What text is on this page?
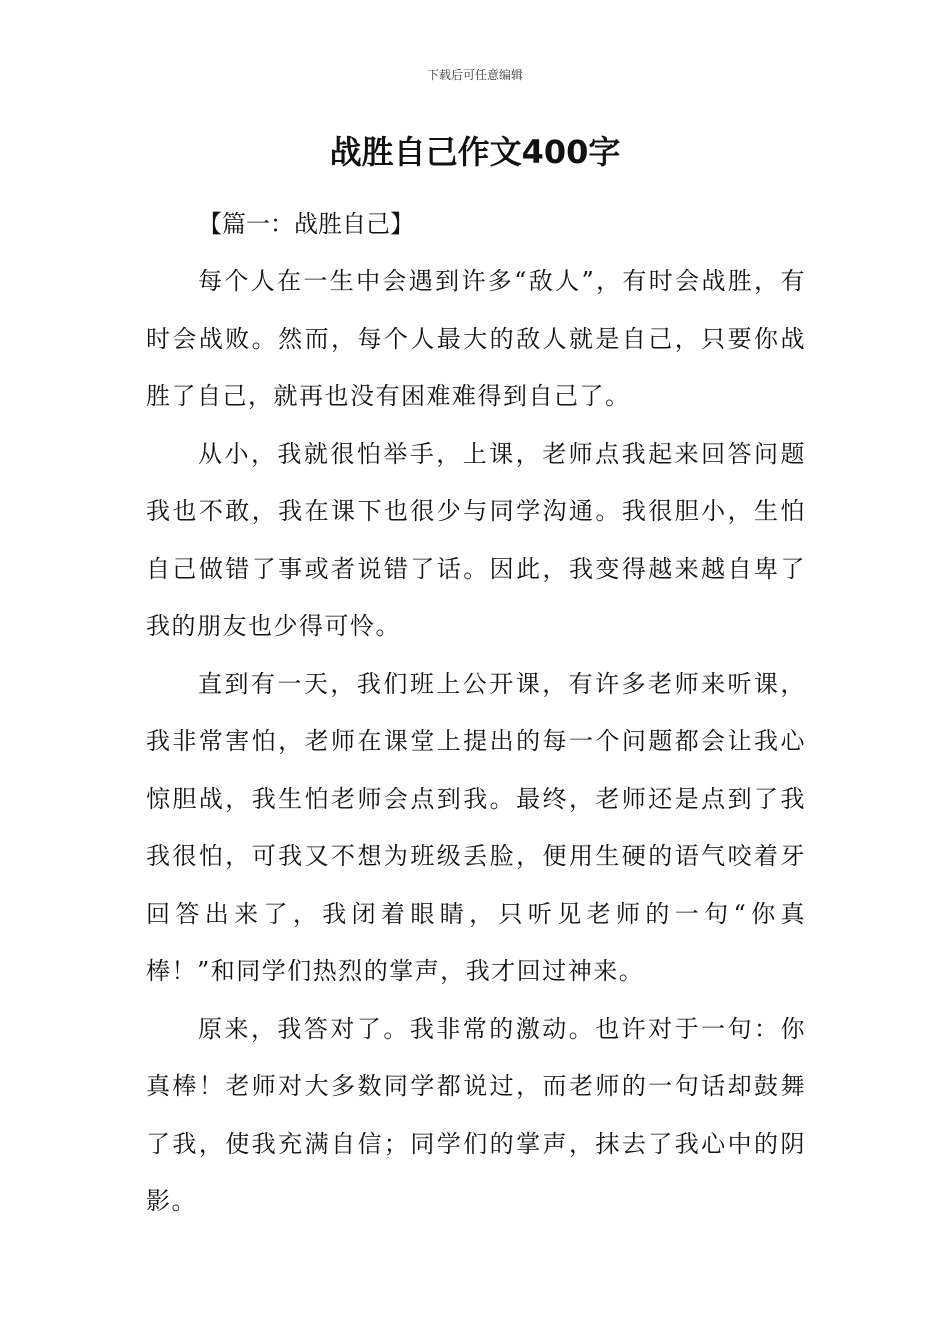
下载后可任意编辑
战胜自己作文400字

【篇一：战胜自己】

每个人在一生中会遇到许多“敌人”，有时会战胜，有时会战败。然而，每个人最大的敌人就是自己，只要你战胜了自己，就再也没有困难难得到自己了。

从小，我就很怕举手，上课，老师点我起来回答问题我也不敢，我在课下也很少与同学沟通。我很胆小，生怕自己做错了事或者说错了话。因此，我变得越来越自卑了我的朋友也少得可怜。

直到有一天，我们班上公开课，有许多老师来听课，我非常害怕，老师在课堂上提出的每一个问题都会让我心惊胆战，我生怕老师会点到我。最终，老师还是点到了我我很怕，可我又不想为班级丢脸，便用生硬的语气咬着牙回答出来了，我闭着眼睛，只听见老师的一句“你真棒！”和同学们热烈的掌声，我才回过神来。

原来，我答对了。我非常的激动。也许对于一句：你真棒！老师对大多数同学都说过，而老师的一句话却鼓舞了我，使我充满自信；同学们的掌声，抹去了我心中的阴影。
